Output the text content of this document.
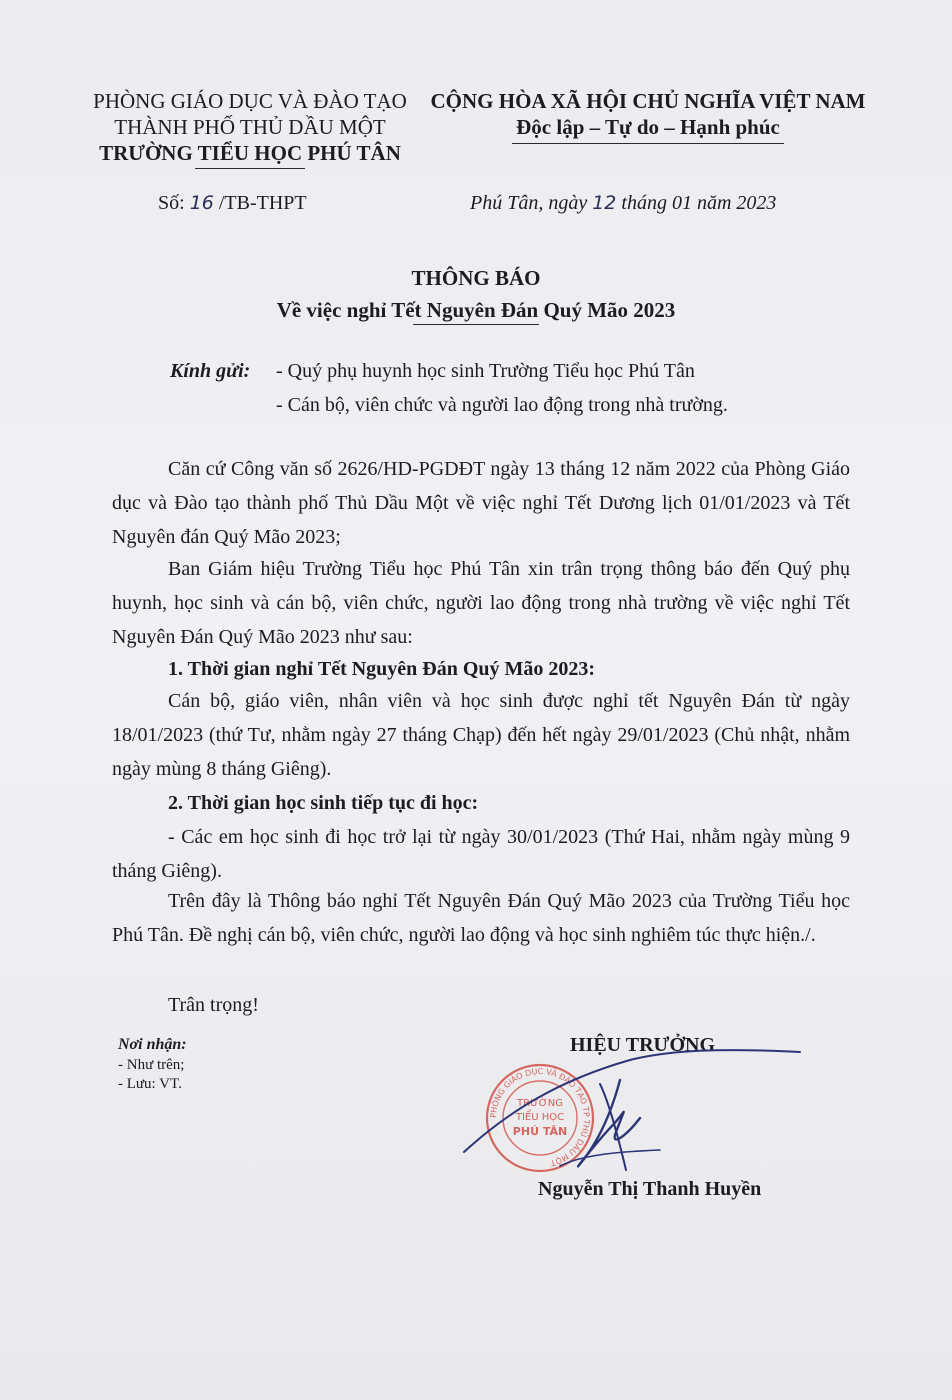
PHÒNG GIÁO DỤC VÀ ĐÀO TẠO
THÀNH PHỐ THỦ DẦU MỘT
TRƯỜNG TIỂU HỌC PHÚ TÂN
CỘNG HÒA XÃ HỘI CHỦ NGHĨA VIỆT NAM
Độc lập – Tự do – Hạnh phúc
Số: 16 /TB-THPT	Phú Tân, ngày 12 tháng 01 năm 2023
THÔNG BÁO
Về việc nghỉ Tết Nguyên Đán Quý Mão 2023
Kính gửi: - Quý phụ huynh học sinh Trường Tiểu học Phú Tân
- Cán bộ, viên chức và người lao động trong nhà trường.
Căn cứ Công văn số 2626/HD-PGDĐT ngày 13 tháng 12 năm 2022 của Phòng Giáo dục và Đào tạo thành phố Thủ Dầu Một về việc nghỉ Tết Dương lịch 01/01/2023 và Tết Nguyên đán Quý Mão 2023;
Ban Giám hiệu Trường Tiểu học Phú Tân xin trân trọng thông báo đến Quý phụ huynh, học sinh và cán bộ, viên chức, người lao động trong nhà trường về việc nghỉ Tết Nguyên Đán Quý Mão 2023 như sau:
1. Thời gian nghỉ Tết Nguyên Đán Quý Mão 2023:
Cán bộ, giáo viên, nhân viên và học sinh được nghỉ tết Nguyên Đán từ ngày 18/01/2023 (thứ Tư, nhằm ngày 27 tháng Chạp) đến hết ngày 29/01/2023 (Chủ nhật, nhằm ngày mùng 8 tháng Giêng).
2. Thời gian học sinh tiếp tục đi học:
- Các em học sinh đi học trở lại từ ngày 30/01/2023 (Thứ Hai, nhằm ngày mùng 9 tháng Giêng).
Trên đây là Thông báo nghỉ Tết Nguyên Đán Quý Mão 2023 của Trường Tiểu học Phú Tân. Đề nghị cán bộ, viên chức, người lao động và học sinh nghiêm túc thực hiện./.
Trân trọng!
Nơi nhận:
- Như trên;
- Lưu: VT.
HIỆU TRƯỞNG
PHÒNG GIÁO DỤC VÀ ĐÀO TẠO TP THỦ DẦU MỘT
TRƯỜNG
TIỂU HỌC
PHÚ TÂN
Nguyễn Thị Thanh Huyền
